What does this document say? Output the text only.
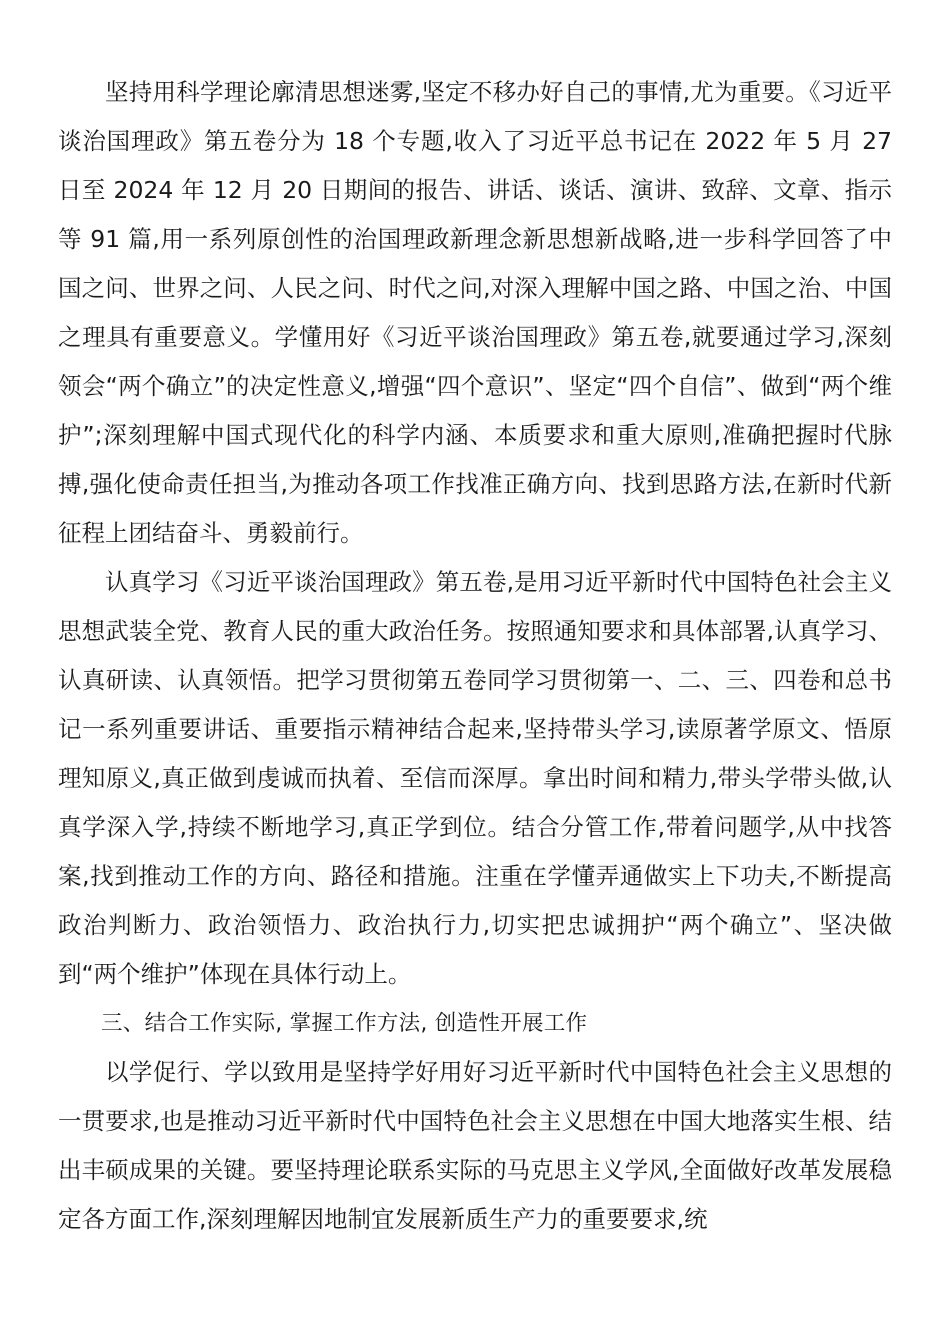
坚持用科学理论廓清思想迷雾,坚定不移办好自己的事情,尤为重要。《习近平谈治国理政》第五卷分为 18 个专题,收入了习近平总书记在 2022 年 5 月 27 日至 2024 年 12 月 20 日期间的报告、讲话、谈话、演讲、致辞、文章、指示等 91 篇,用一系列原创性的治国理政新理念新思想新战略,进一步科学回答了中国之问、世界之问、人民之问、时代之问,对深入理解中国之路、中国之治、中国之理具有重要意义。学懂用好《习近平谈治国理政》第五卷,就要通过学习,深刻领会“两个确立”的决定性意义,增强“四个意识”、坚定“四个自信”、做到“两个维护”;深刻理解中国式现代化的科学内涵、本质要求和重大原则,准确把握时代脉搏,强化使命责任担当,为推动各项工作找准正确方向、找到思路方法,在新时代新征程上团结奋斗、勇毅前行。

认真学习《习近平谈治国理政》第五卷,是用习近平新时代中国特色社会主义思想武装全党、教育人民的重大政治任务。按照通知要求和具体部署,认真学习、认真研读、认真领悟。把学习贯彻第五卷同学习贯彻第一、二、三、四卷和总书记一系列重要讲话、重要指示精神结合起来,坚持带头学习,读原著学原文、悟原理知原义,真正做到虔诚而执着、至信而深厚。拿出时间和精力,带头学带头做,认真学深入学,持续不断地学习,真正学到位。结合分管工作,带着问题学,从中找答案,找到推动工作的方向、路径和措施。注重在学懂弄通做实上下功夫,不断提高政治判断力、政治领悟力、政治执行力,切实把忠诚拥护“两个确立”、坚决做到“两个维护”体现在具体行动上。

三、结合工作实际, 掌握工作方法, 创造性开展工作

以学促行、学以致用是坚持学好用好习近平新时代中国特色社会主义思想的一贯要求,也是推动习近平新时代中国特色社会主义思想在中国大地落实生根、结出丰硕成果的关键。要坚持理论联系实际的马克思主义学风,全面做好改革发展稳定各方面工作,深刻理解因地制宜发展新质生产力的重要要求,统
